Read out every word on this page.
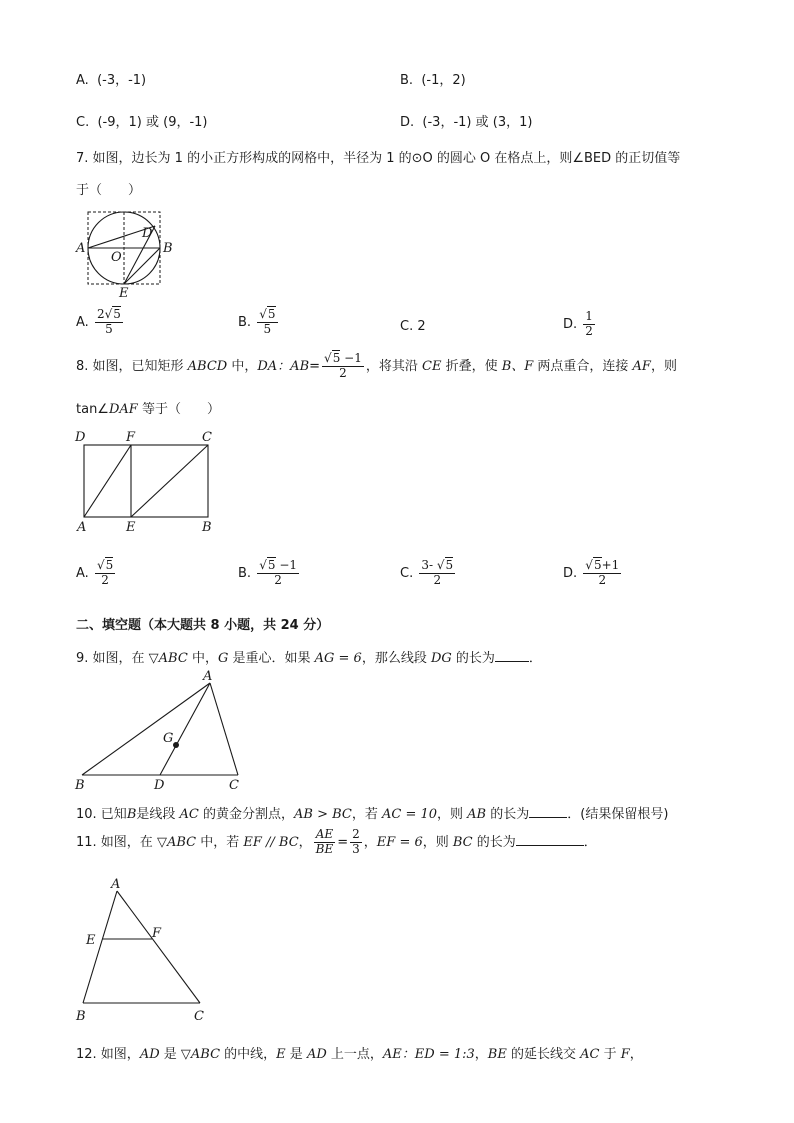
A. (-3，-1)	B. (-1，2)
C. (-9，1) 或 (9，-1)	D. (-3，-1) 或 (3，1)
7. 如图，边长为 1 的小正方形构成的网格中，半径为 1 的⊙O 的圆心 O 在格点上，则∠BED 的正切值等
于（　　）
A	B
D
O
E
A. $\frac{2√5}{5}$	B. $\frac{√5}{5}$	C. 2	D. $\frac{1}{2}$
8. 如图，已知矩形 ABCD 中，DA：$AB= \frac{√5 -1}{2}$ ，将其沿 CE 折叠，使 B、F 两点重合，连接 AF，则
tan∠DAF 等于（　　）
D	F	C
A	E	B
A. $\frac{√5}{2}$	B. $\frac{√5 -1}{2}$	C. $\frac{3- √5}{2}$	D. $\frac{√5+1}{2}$
二、填空题（本大题共 8 小题，共 24 分）
9. 如图，在 ▽ABC 中，G 是重心．如果 AG = 6，那么线段 DG 的长为	．
A
G
B	D	C
10. 已知B是线段 AC 的黄金分割点，AB > BC，若 AC = 10，则 AB 的长为	．(结果保留根号)
11. 如图，在 ▽ABC 中，若 EF // BC， $\frac{AE}{BE} = \frac{2}{3}$ ，EF = 6，则 BC 的长为	．
A
E	F
B	C
12. 如图，AD 是 ▽ABC 的中线，E 是 AD 上一点，AE：ED = 1:3，BE 的延长线交 AC 于 F，
